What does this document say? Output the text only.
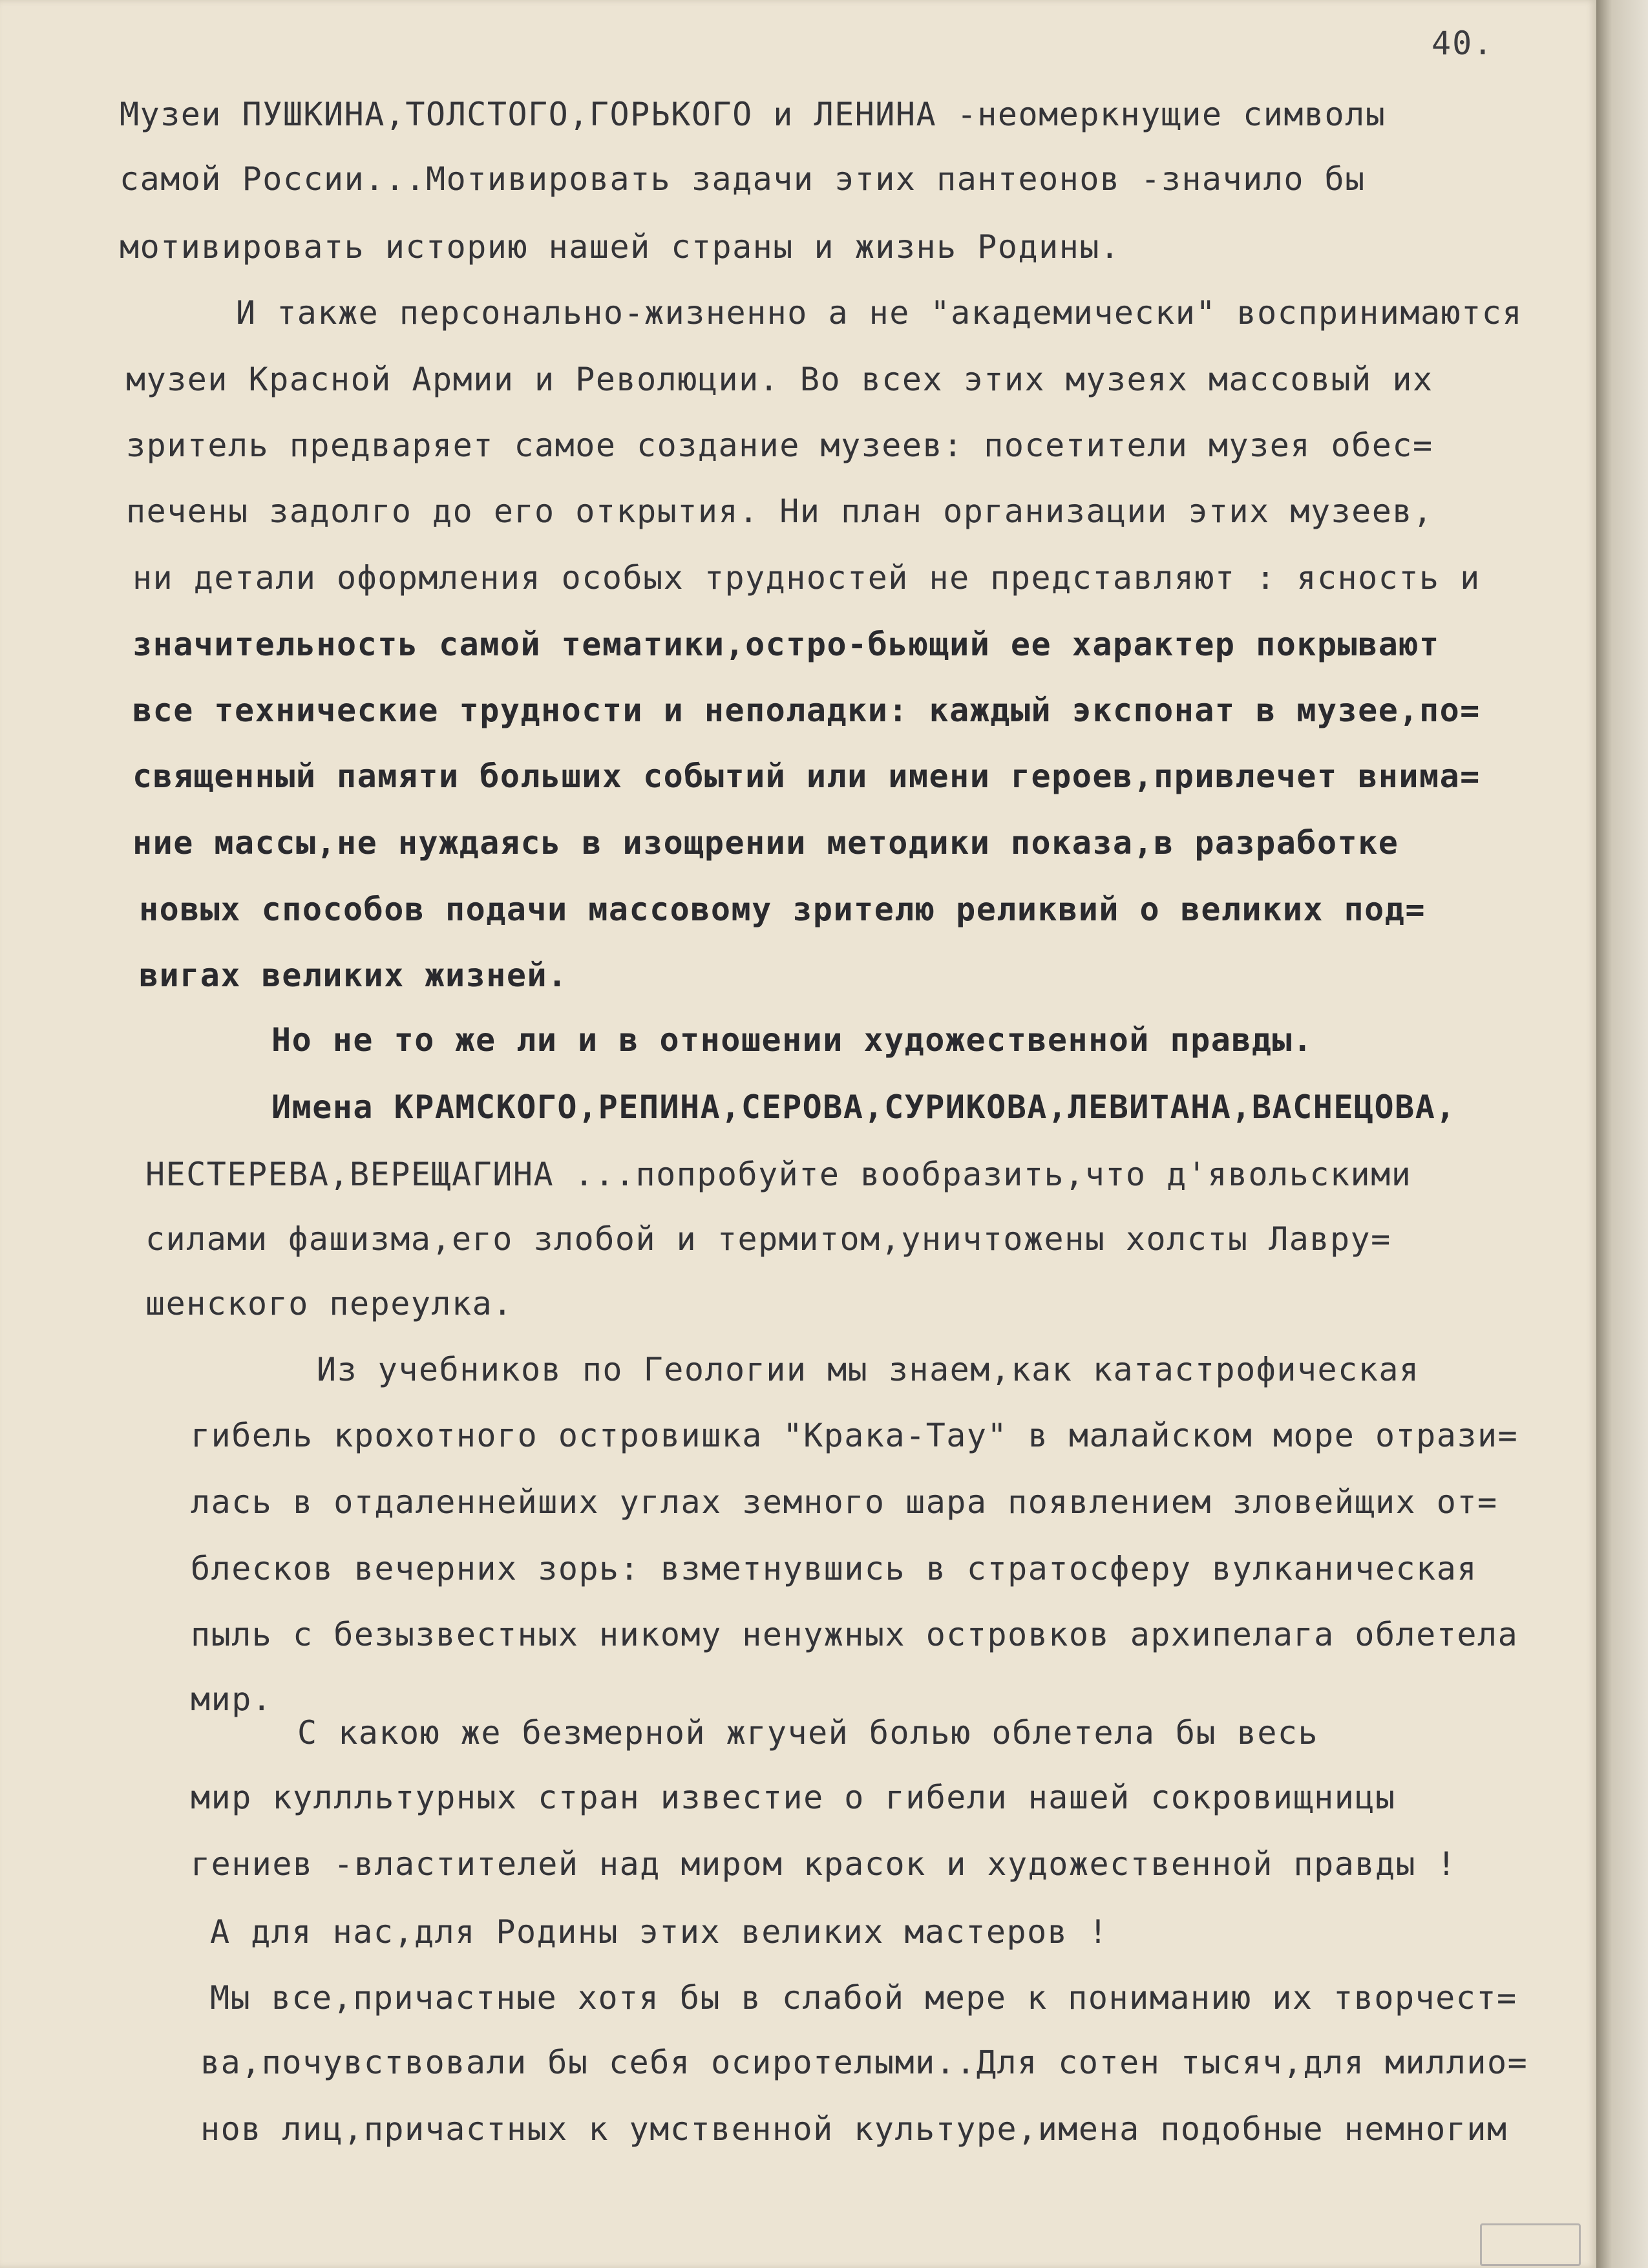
40.
Музеи ПУШКИНА,ТОЛСТОГО,ГОРЬКОГО и ЛЕНИНА -неомеркнущие символы
самой России...Мотивировать задачи этих пантеонов -значило бы
мотивировать историю нашей страны и жизнь Родины.
И также персонально-жизненно а не "академически" воспринимаются
музеи Красной Армии и Революции. Во всех этих музеях массовый их
зритель предваряет самое создание музеев: посетители музея обес=
печены задолго до его открытия. Ни план организации этих музеев,
ни детали оформления особых трудностей не представляют : ясность и
значительность самой тематики,остро-бьющий ее характер покрывают
все технические трудности и неполадки: каждый экспонат в музее,по=
священный памяти больших событий или имени героев,привлечет внима=
ние массы,не нуждаясь в изощрении методики показа,в разработке
новых способов подачи массовому зрителю реликвий о великих под=
вигах великих жизней.
Но не то же ли и в отношении художественной правды.
Имена КРАМСКОГО,РЕПИНА,СЕРОВА,СУРИКОВА,ЛЕВИТАНА,ВАСНЕЦОВА,
НЕСТЕРЕВА,ВЕРЕЩАГИНА ...попробуйте вообразить,что д'явольскими
силами фашизма,его злобой и термитом,уничтожены холсты Лавру=
шенского переулка.
Из учебников по Геологии мы знаем,как катастрофическая
гибель крохотного островишка "Крака-Тау" в малайском море отрази=
лась в отдаленнейших углах земного шара появлением зловейщих от=
блесков вечерних зорь: взметнувшись в стратосферу вулканическая
пыль с безызвестных никому ненужных островков архипелага облетела
мир.
С какою же безмерной жгучей болью облетела бы весь
мир куллльтурных стран известие о гибели нашей сокровищницы
гениев -властителей над миром красок и художественной правды !
А для нас,для Родины этих великих мастеров !
Мы все,причастные хотя бы в слабой мере к пониманию их творчест=
ва,почувствовали бы себя осиротелыми..Для сотен тысяч,для миллио=
нов лиц,причастных к умственной культуре,имена подобные немногим
